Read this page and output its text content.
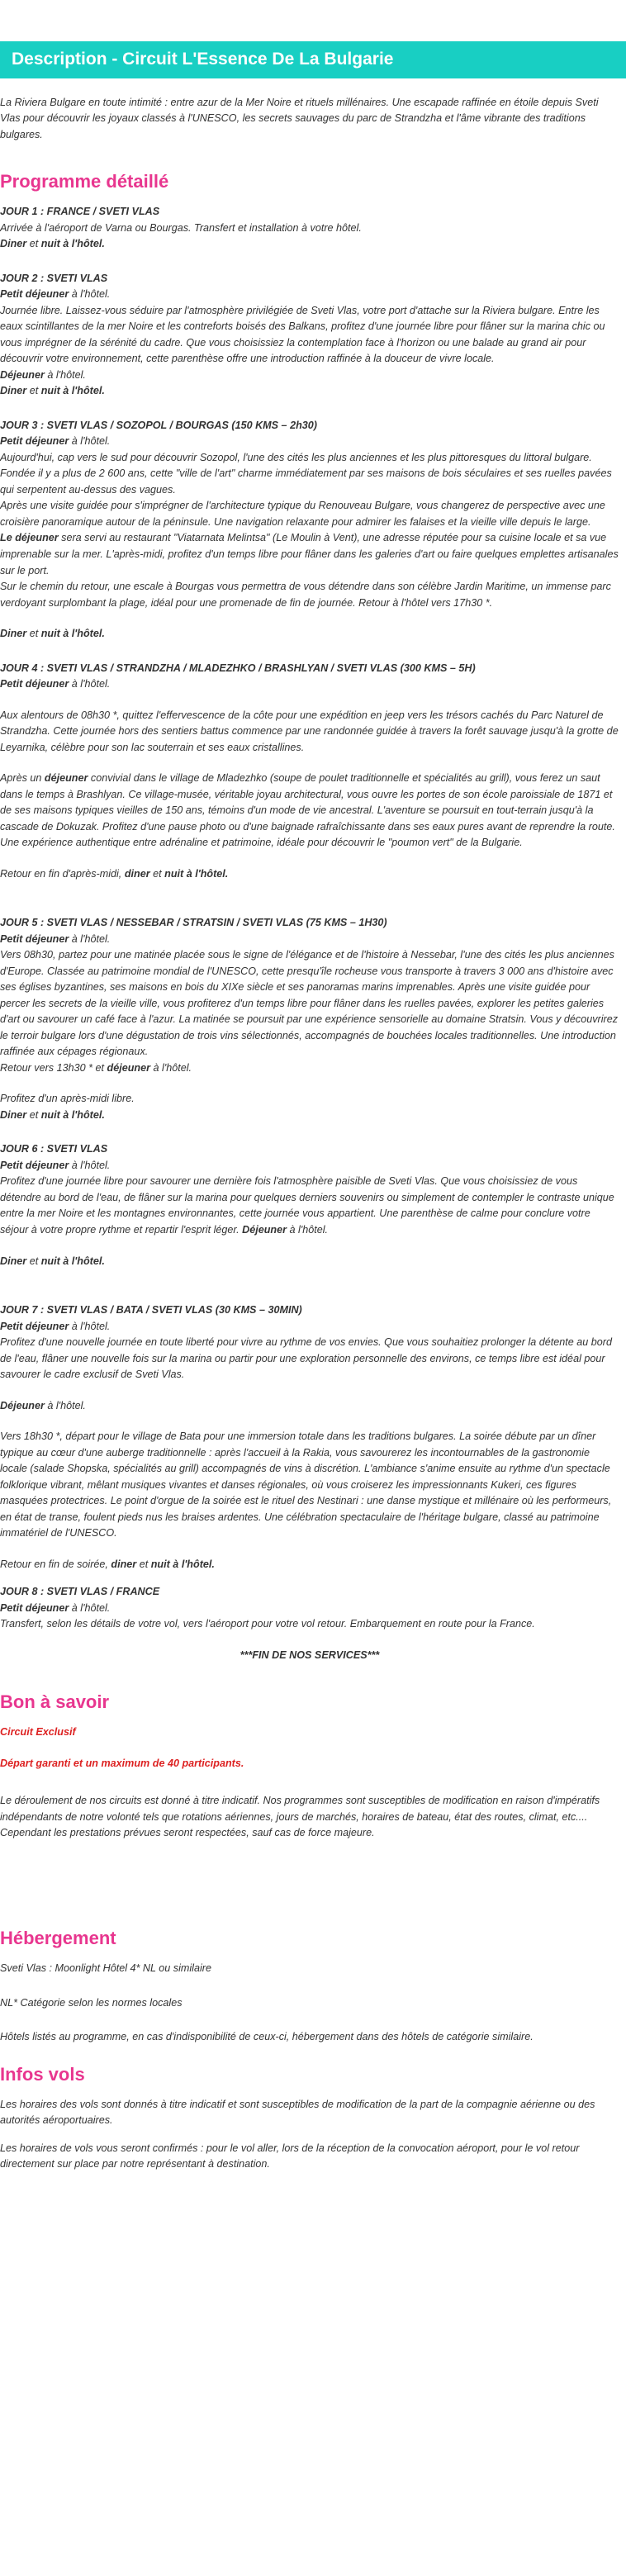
Description - Circuit L'Essence De La Bulgarie

La Riviera Bulgare en toute intimité : entre azur de la Mer Noire et rituels millénaires. Une escapade raffinée en étoile depuis Sveti Vlas pour découvrir les joyaux classés à l'UNESCO, les secrets sauvages du parc de Strandzha et l'âme vibrante des traditions bulgares.

Programme détaillé

JOUR 1 : FRANCE / SVETI VLAS

Arrivée à l'aéroport de Varna ou Bourgas. Transfert et installation à votre hôtel.

Diner et nuit à l'hôtel.

JOUR 2 : SVETI VLAS

Petit déjeuner à l'hôtel.

Journée libre. Laissez-vous séduire par l'atmosphère privilégiée de Sveti Vlas, votre port d'attache sur la Riviera bulgare. Entre les eaux scintillantes de la mer Noire et les contreforts boisés des Balkans, profitez d'une journée libre pour flâner sur la marina chic ou vous imprégner de la sérénité du cadre. Que vous choisissiez la contemplation face à l'horizon ou une balade au grand air pour découvrir votre environnement, cette parenthèse offre une introduction raffinée à la douceur de vivre locale.

Déjeuner à l'hôtel.

Diner et nuit à l'hôtel.

JOUR 3 : SVETI VLAS / SOZOPOL / BOURGAS (150 KMS – 2h30)

Petit déjeuner à l'hôtel.

Aujourd'hui, cap vers le sud pour découvrir Sozopol, l'une des cités les plus anciennes et les plus pittoresques du littoral bulgare. Fondée il y a plus de 2 600 ans, cette "ville de l'art" charme immédiatement par ses maisons de bois séculaires et ses ruelles pavées qui serpentent au-dessus des vagues.

Après une visite guidée pour s'imprégner de l'architecture typique du Renouveau Bulgare, vous changerez de perspective avec une croisière panoramique autour de la péninsule. Une navigation relaxante pour admirer les falaises et la vieille ville depuis le large.

Le déjeuner sera servi au restaurant "Viatarnata Melintsa" (Le Moulin à Vent), une adresse réputée pour sa cuisine locale et sa vue imprenable sur la mer. L'après-midi, profitez d'un temps libre pour flâner dans les galeries d'art ou faire quelques emplettes artisanales sur le port.

Sur le chemin du retour, une escale à Bourgas vous permettra de vous détendre dans son célèbre Jardin Maritime, un immense parc verdoyant surplombant la plage, idéal pour une promenade de fin de journée. Retour à l'hôtel vers 17h30 *.

Diner et nuit à l'hôtel.

JOUR 4 : SVETI VLAS / STRANDZHA / MLADEZHKO / BRASHLYAN / SVETI VLAS (300 KMS – 5H)

Petit déjeuner à l'hôtel.

Aux alentours de 08h30 *, quittez l'effervescence de la côte pour une expédition en jeep vers les trésors cachés du Parc Naturel de Strandzha. Cette journée hors des sentiers battus commence par une randonnée guidée à travers la forêt sauvage jusqu'à la grotte de Leyarnika, célèbre pour son lac souterrain et ses eaux cristallines.

Après un déjeuner convivial dans le village de Mladezhko (soupe de poulet traditionnelle et spécialités au grill), vous ferez un saut dans le temps à Brashlyan. Ce village-musée, véritable joyau architectural, vous ouvre les portes de son école paroissiale de 1871 et de ses maisons typiques vieilles de 150 ans, témoins d'un mode de vie ancestral. L'aventure se poursuit en tout-terrain jusqu'à la cascade de Dokuzak. Profitez d'une pause photo ou d'une baignade rafraîchissante dans ses eaux pures avant de reprendre la route. Une expérience authentique entre adrénaline et patrimoine, idéale pour découvrir le "poumon vert" de la Bulgarie.

Retour en fin d'après-midi, diner et nuit à l'hôtel.

JOUR 5 : SVETI VLAS / NESSEBAR / STRATSIN / SVETI VLAS (75 KMS – 1H30)

Petit déjeuner à l'hôtel.

Vers 08h30, partez pour une matinée placée sous le signe de l'élégance et de l'histoire à Nessebar, l'une des cités les plus anciennes d'Europe. Classée au patrimoine mondial de l'UNESCO, cette presqu'île rocheuse vous transporte à travers 3 000 ans d'histoire avec ses églises byzantines, ses maisons en bois du XIXe siècle et ses panoramas marins imprenables. Après une visite guidée pour percer les secrets de la vieille ville, vous profiterez d'un temps libre pour flâner dans les ruelles pavées, explorer les petites galeries d'art ou savourer un café face à l'azur. La matinée se poursuit par une expérience sensorielle au domaine Stratsin. Vous y découvrirez le terroir bulgare lors d'une dégustation de trois vins sélectionnés, accompagnés de bouchées locales traditionnelles. Une introduction raffinée aux cépages régionaux.

Retour vers 13h30 * et déjeuner à l'hôtel.

Profitez d'un après-midi libre.

Diner et nuit à l'hôtel.

JOUR 6 : SVETI VLAS

Petit déjeuner à l'hôtel.

Profitez d'une journée libre pour savourer une dernière fois l'atmosphère paisible de Sveti Vlas. Que vous choisissiez de vous détendre au bord de l'eau, de flâner sur la marina pour quelques derniers souvenirs ou simplement de contempler le contraste unique entre la mer Noire et les montagnes environnantes, cette journée vous appartient. Une parenthèse de calme pour conclure votre séjour à votre propre rythme et repartir l'esprit léger. Déjeuner à l'hôtel.

Diner et nuit à l'hôtel.

JOUR 7 : SVETI VLAS / BATA / SVETI VLAS (30 KMS – 30MIN)

Petit déjeuner à l'hôtel.

Profitez d'une nouvelle journée en toute liberté pour vivre au rythme de vos envies. Que vous souhaitiez prolonger la détente au bord de l'eau, flâner une nouvelle fois sur la marina ou partir pour une exploration personnelle des environs, ce temps libre est idéal pour savourer le cadre exclusif de Sveti Vlas.

Déjeuner à l'hôtel.

Vers 18h30 *, départ pour le village de Bata pour une immersion totale dans les traditions bulgares. La soirée débute par un dîner typique au cœur d'une auberge traditionnelle : après l'accueil à la Rakia, vous savourerez les incontournables de la gastronomie locale (salade Shopska, spécialités au grill) accompagnés de vins à discrétion. L'ambiance s'anime ensuite au rythme d'un spectacle folklorique vibrant, mêlant musiques vivantes et danses régionales, où vous croiserez les impressionnants Kukeri, ces figures masquées protectrices. Le point d'orgue de la soirée est le rituel des Nestinari : une danse mystique et millénaire où les performeurs, en état de transe, foulent pieds nus les braises ardentes. Une célébration spectaculaire de l'héritage bulgare, classé au patrimoine immatériel de l'UNESCO.

Retour en fin de soirée, diner et nuit à l'hôtel.

JOUR 8 : SVETI VLAS / FRANCE

Petit déjeuner à l'hôtel.

Transfert, selon les détails de votre vol, vers l'aéroport pour votre vol retour. Embarquement en route pour la France.

***FIN DE NOS SERVICES***

Bon à savoir

Circuit Exclusif

Départ garanti et un maximum de 40 participants.

Le déroulement de nos circuits est donné à titre indicatif. Nos programmes sont susceptibles de modification en raison d'impératifs indépendants de notre volonté tels que rotations aériennes, jours de marchés, horaires de bateau, état des routes, climat, etc.... Cependant les prestations prévues seront respectées, sauf cas de force majeure.

Hébergement

Sveti Vlas : Moonlight Hôtel 4* NL ou similaire

NL* Catégorie selon les normes locales

Hôtels listés au programme, en cas d'indisponibilité de ceux-ci, hébergement dans des hôtels de catégorie similaire.

Infos vols

Les horaires des vols sont donnés à titre indicatif et sont susceptibles de modification de la part de la compagnie aérienne ou des autorités aéroportuaires.

Les horaires de vols vous seront confirmés : pour le vol aller, lors de la réception de la convocation aéroport, pour le vol retour directement sur place par notre représentant à destination.
